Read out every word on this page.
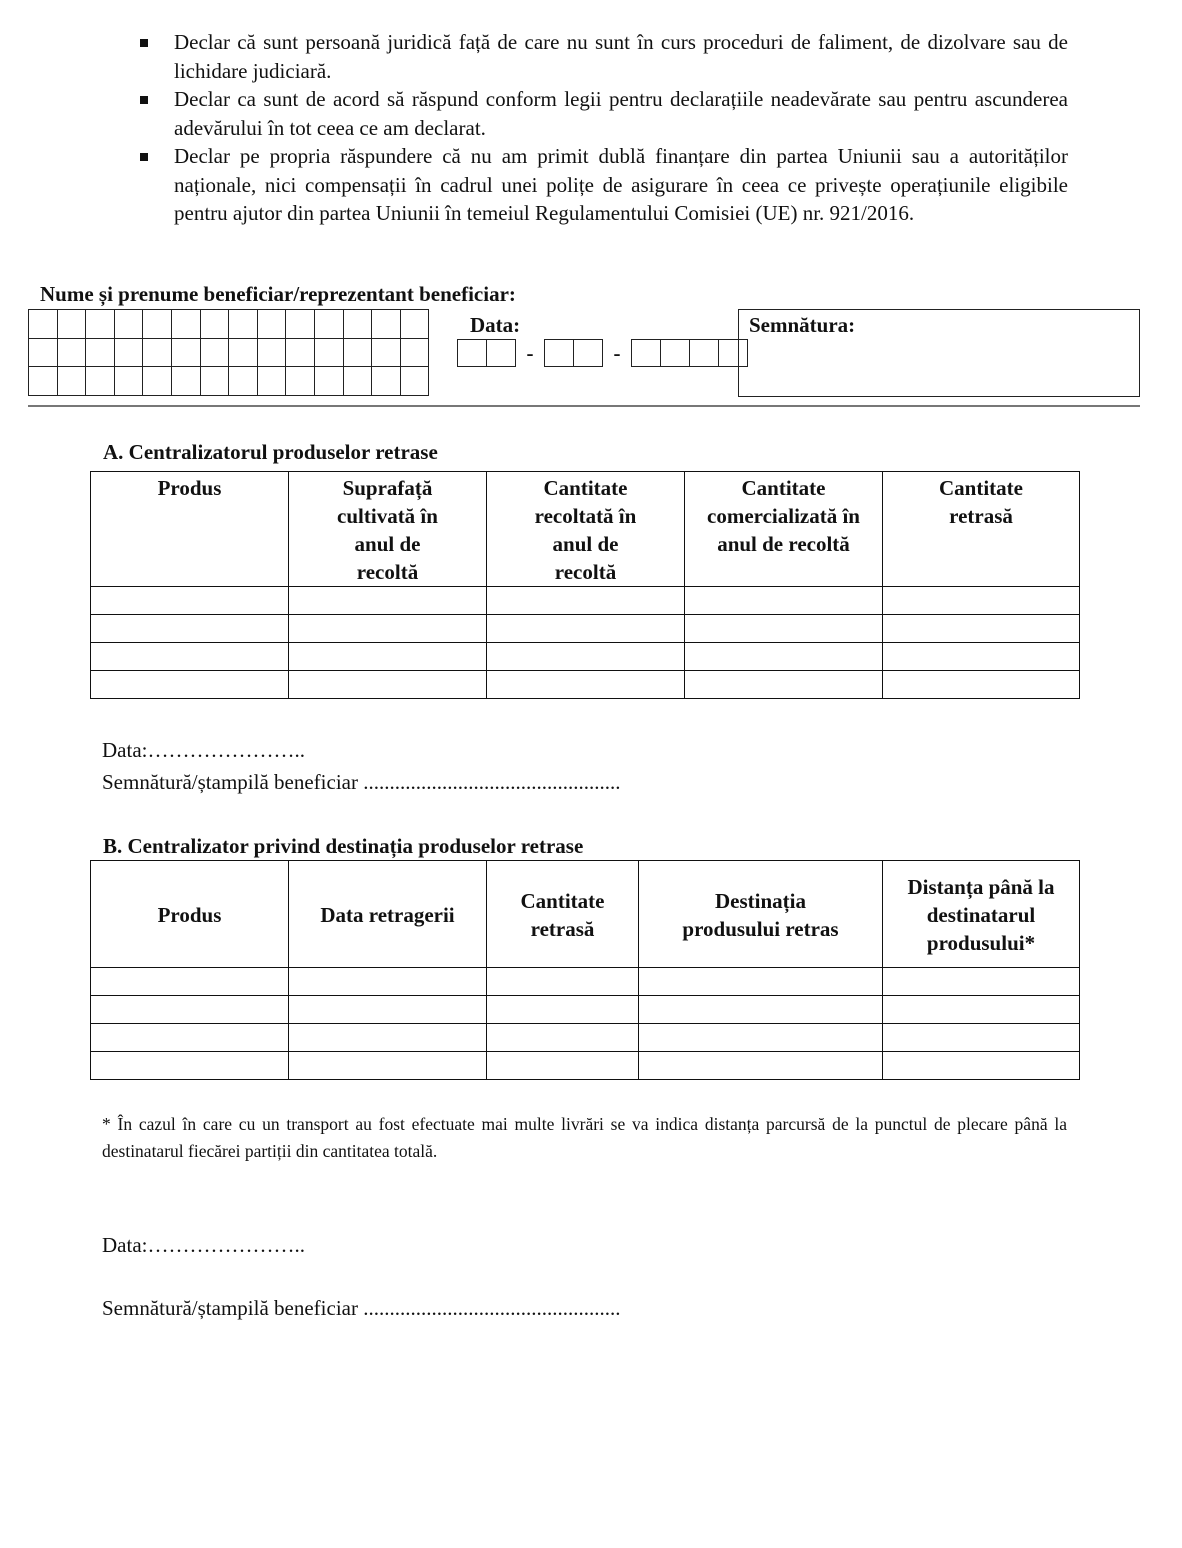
Declar că sunt persoană juridică față de care nu sunt în curs proceduri de faliment, de dizolvare sau de lichidare judiciară.
Declar ca sunt de acord să răspund conform legii pentru declarațiile neadevărate sau pentru ascunderea adevărului în tot ceea ce am declarat.
Declar pe propria răspundere că nu am primit dublă finanțare din partea Uniunii sau a autorităților naționale, nici compensații în cadrul unei polițe de asigurare în ceea ce privește operațiunile eligibile pentru ajutor din partea Uniunii în temeiul Regulamentului Comisiei (UE) nr. 921/2016.
Nume și prenume beneficiar/reprezentant beneficiar:

Data:
-	-
Semnătura:
A. Centralizatorul produselor retrase
Produs	Suprafață cultivată în anul de recoltă	Cantitate recoltată în anul de recoltă	Cantitate comercializată în anul de recoltă	Cantitate retrasă

Data:…………………..
Semnătură/ștampilă beneficiar .................................................
B. Centralizator privind destinația produselor retrase
Produs	Data retragerii	Cantitate retrasă	Destinația produsului retras	Distanța până la destinatarul produsului*

* În cazul în care cu un transport au fost efectuate mai multe livrări se va indica distanța parcursă de la punctul de plecare până la destinatarul fiecărei partiții din cantitatea totală.
Data:…………………..
Semnătură/ștampilă beneficiar .................................................
